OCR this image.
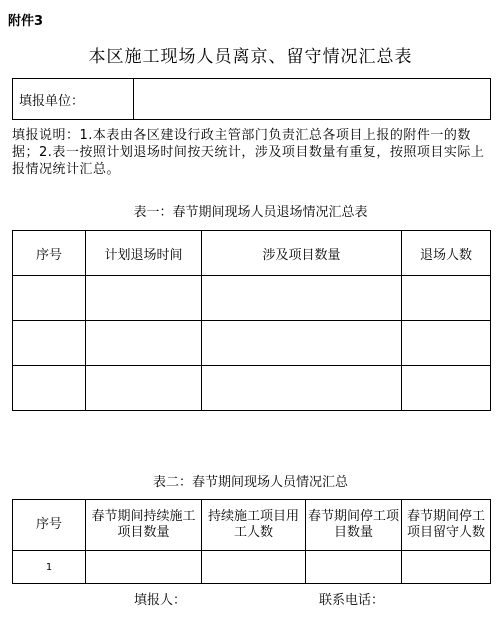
附件3
本区施工现场人员离京、留守情况汇总表
填报单位：	
填报说明：1.本表由各区建设行政主管部门负责汇总各项目上报的附件一的数据；2.表一按照计划退场时间按天统计，涉及项目数量有重复，按照项目实际上报情况统计汇总。
表一：春节期间现场人员退场情况汇总表
序号	计划退场时间	涉及项目数量	退场人数

表二：春节期间现场人员情况汇总
序号	春节期间持续施工项目数量	持续施工项目用工人数	春节期间停工项目数量	春节期间停工项目留守人数
1				
填报人：	联系电话：
